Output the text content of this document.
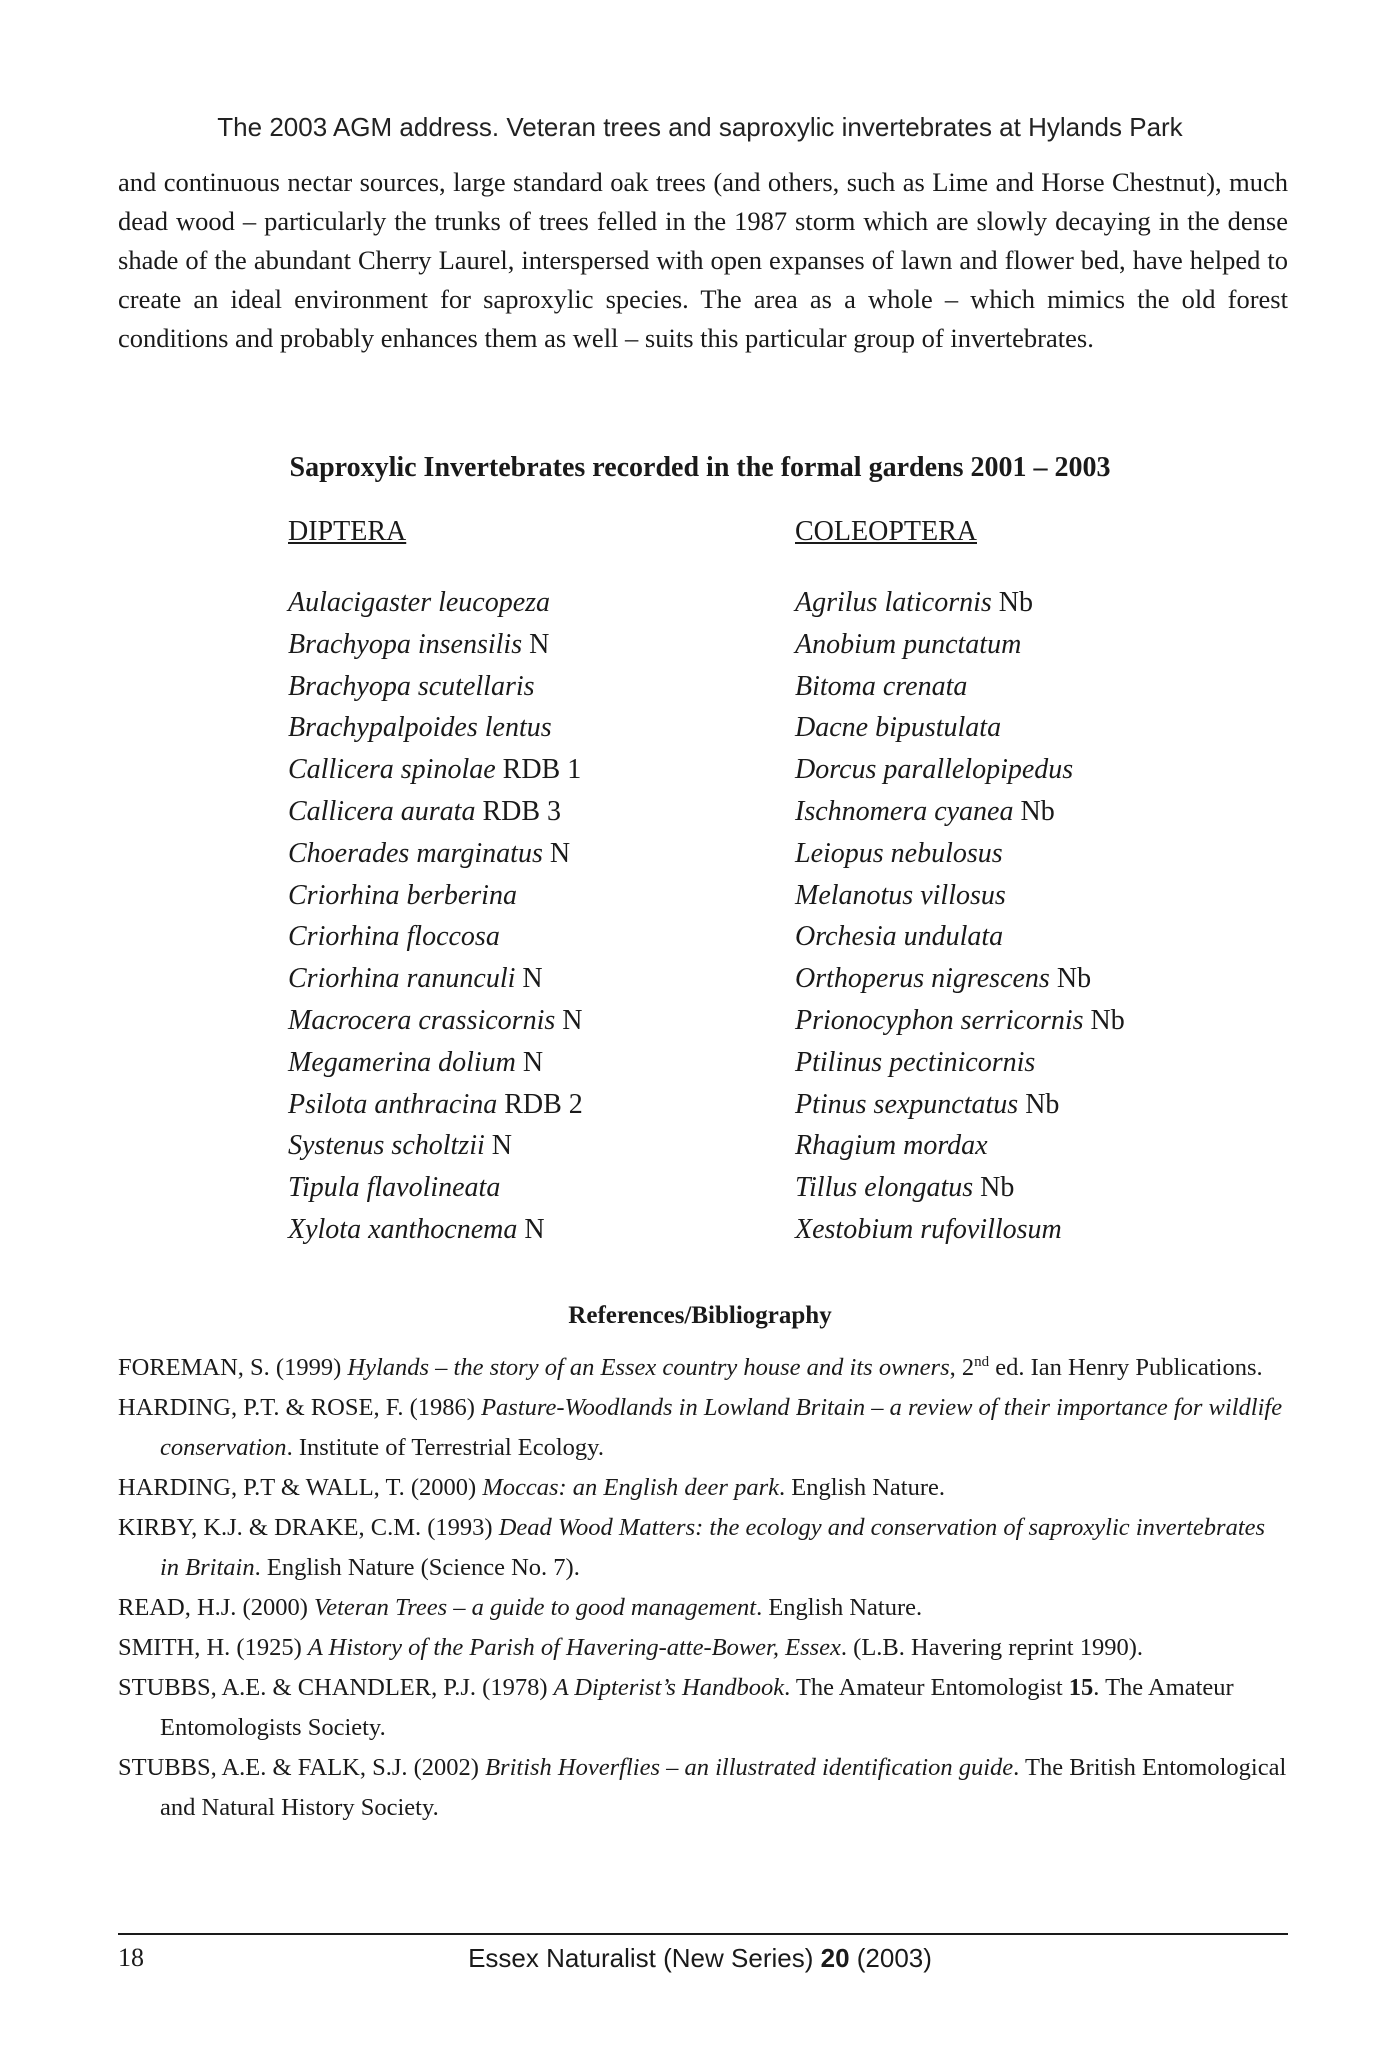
The 2003 AGM address. Veteran trees and saproxylic invertebrates at Hylands Park

and continuous nectar sources, large standard oak trees (and others, such as Lime and Horse Chestnut), much dead wood – particularly the trunks of trees felled in the 1987 storm which are slowly decaying in the dense shade of the abundant Cherry Laurel, interspersed with open expanses of lawn and flower bed, have helped to create an ideal environment for saproxylic species. The area as a whole – which mimics the old forest conditions and probably enhances them as well – suits this particular group of invertebrates.

Saproxylic Invertebrates recorded in the formal gardens 2001 – 2003
DIPTERA
Aulacigaster leucopeza
Brachyopa insensilis N
Brachyopa scutellaris
Brachypalpoides lentus
Callicera spinolae RDB 1
Callicera aurata RDB 3
Choerades marginatus N
Criorhina berberina
Criorhina floccosa
Criorhina ranunculi N
Macrocera crassicornis N
Megamerina dolium N
Psilota anthracina RDB 2
Systenus scholtzii N
Tipula flavolineata
Xylota xanthocnema N
COLEOPTERA
Agrilus laticornis Nb
Anobium punctatum
Bitoma crenata
Dacne bipustulata
Dorcus parallelopipedus
Ischnomera cyanea Nb
Leiopus nebulosus
Melanotus villosus
Orchesia undulata
Orthoperus nigrescens Nb
Prionocyphon serricornis Nb
Ptilinus pectinicornis
Ptinus sexpunctatus Nb
Rhagium mordax
Tillus elongatus Nb
Xestobium rufovillosum
References/Bibliography
FOREMAN, S. (1999) Hylands – the story of an Essex country house and its owners, 2nd ed. Ian Henry Publications.
HARDING, P.T. & ROSE, F. (1986) Pasture-Woodlands in Lowland Britain – a review of their importance for wildlife conservation. Institute of Terrestrial Ecology.
HARDING, P.T & WALL, T. (2000) Moccas: an English deer park. English Nature.
KIRBY, K.J. & DRAKE, C.M. (1993) Dead Wood Matters: the ecology and conservation of saproxylic invertebrates in Britain. English Nature (Science No. 7).
READ, H.J. (2000) Veteran Trees – a guide to good management. English Nature.
SMITH, H. (1925) A History of the Parish of Havering-atte-Bower, Essex. (L.B. Havering reprint 1990).
STUBBS, A.E. & CHANDLER, P.J. (1978) A Dipterist’s Handbook. The Amateur Entomologist 15. The Amateur Entomologists Society.
STUBBS, A.E. & FALK, S.J. (2002) British Hoverflies – an illustrated identification guide. The British Entomological and Natural History Society.
18	Essex Naturalist (New Series) 20 (2003)
